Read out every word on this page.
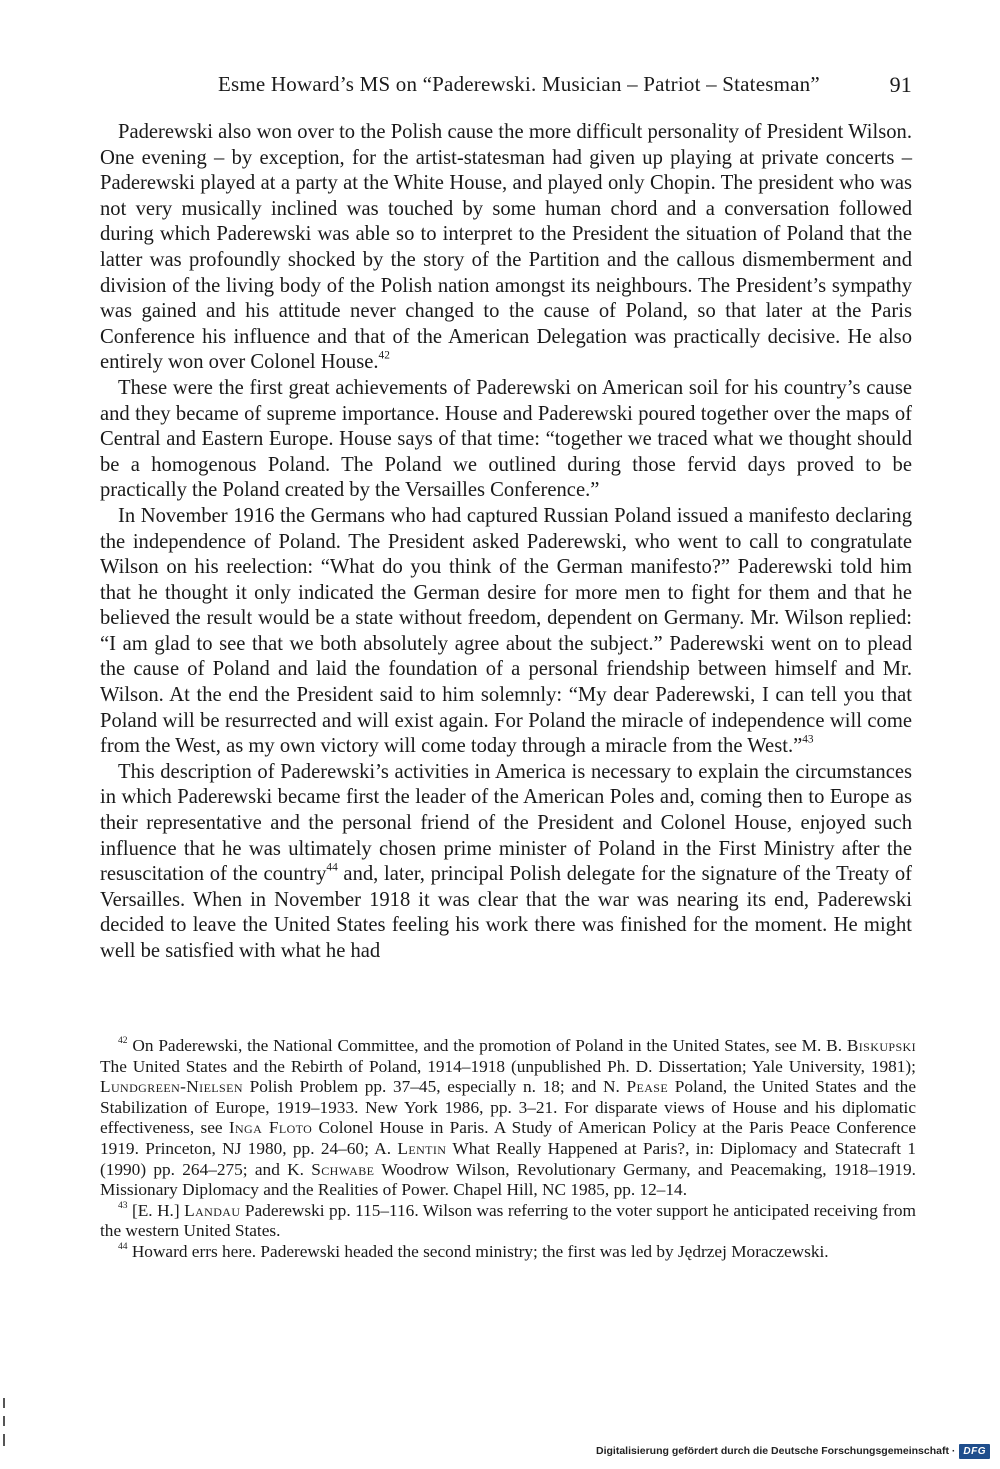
Esme Howard’s MS on “Paderewski. Musician – Patriot – Statesman”	91

Paderewski also won over to the Polish cause the more difficult personality of President Wilson. One evening – by exception, for the artist-statesman had given up playing at private concerts – Paderewski played at a party at the White House, and played only Chopin. The president who was not very musically inclined was touched by some human chord and a conversation followed during which Paderewski was able so to interpret to the President the situation of Poland that the latter was profoundly shocked by the story of the Partition and the callous dismemberment and division of the living body of the Polish nation amongst its neighbours. The President’s sympathy was gained and his attitude never changed to the cause of Poland, so that later at the Paris Conference his influence and that of the American Delegation was practically decisive. He also entirely won over Colonel House.$^{42}$

These were the first great achievements of Paderewski on American soil for his country’s cause and they became of supreme importance. House and Paderewski poured together over the maps of Central and Eastern Europe. House says of that time: “together we traced what we thought should be a homogenous Poland. The Poland we outlined during those fervid days proved to be practically the Poland created by the Versailles Conference.”

In November 1916 the Germans who had captured Russian Poland issued a manifesto declaring the independence of Poland. The President asked Paderewski, who went to call to congratulate Wilson on his reelection: “What do you think of the German manifesto?” Paderewski told him that he thought it only indicated the German desire for more men to fight for them and that he believed the result would be a state without freedom, dependent on Germany. Mr. Wilson replied: “I am glad to see that we both absolutely agree about the subject.” Paderewski went on to plead the cause of Poland and laid the foundation of a personal friendship between himself and Mr. Wilson. At the end the President said to him solemnly: “My dear Paderewski, I can tell you that Poland will be resurrected and will exist again. For Poland the miracle of independence will come from the West, as my own victory will come today through a miracle from the West.”$^{43}$

This description of Paderewski’s activities in America is necessary to explain the circumstances in which Paderewski became first the leader of the American Poles and, coming then to Europe as their representative and the personal friend of the President and Colonel House, enjoyed such influence that he was ultimately chosen prime minister of Poland in the First Ministry after the resuscitation of the country$^{44}$ and, later, principal Polish delegate for the signature of the Treaty of Versailles. When in November 1918 it was clear that the war was nearing its end, Paderewski decided to leave the United States feeling his work there was finished for the moment. He might well be satisfied with what he had

$^{42}$ On Paderewski, the National Committee, and the promotion of Poland in the United States, see M. B. Biskupski The United States and the Rebirth of Poland, 1914–1918 (unpublished Ph. D. Dissertation; Yale University, 1981); Lundgreen-Nielsen Polish Problem pp. 37–45, especially n. 18; and N. Pease Poland, the United States and the Stabilization of Europe, 1919–1933. New York 1986, pp. 3–21. For disparate views of House and his diplomatic effectiveness, see Inga Floto Colonel House in Paris. A Study of American Policy at the Paris Peace Conference 1919. Princeton, NJ 1980, pp. 24–60; A. Lentin What Really Happened at Paris?, in: Diplomacy and Statecraft 1 (1990) pp. 264–275; and K. Schwabe Woodrow Wilson, Revolutionary Germany, and Peacemaking, 1918–1919. Missionary Diplomacy and the Realities of Power. Chapel Hill, NC 1985, pp. 12–14.

$^{43}$ [E. H.] Landau Paderewski pp. 115–116. Wilson was referring to the voter support he anticipated receiving from the western United States.

$^{44}$ Howard errs here. Paderewski headed the second ministry; the first was led by Jędrzej Moraczewski.

Digitalisierung gefördert durch die Deutsche Forschungsgemeinschaft · DFG
